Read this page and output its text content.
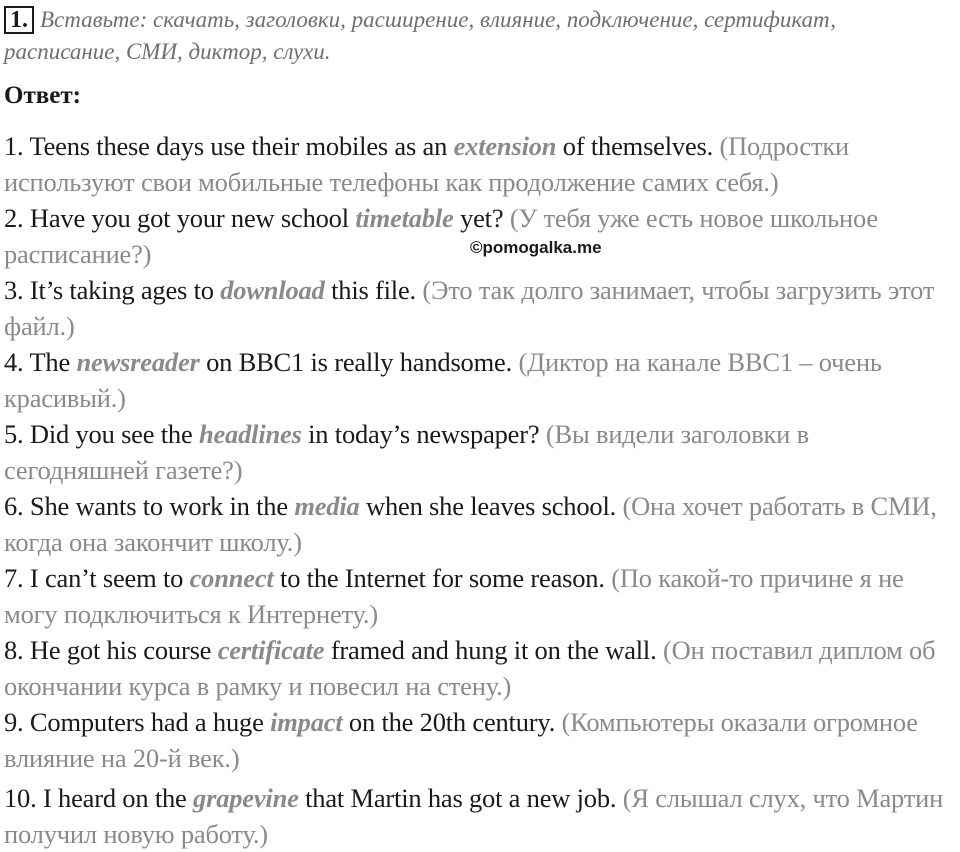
1. Вставьте: скачать, заголовки, расширение, влияние, подключение, сертификат, расписание, СМИ, диктор, слухи.
Ответ:
©pomogalka.me
1. Teens these days use their mobiles as an extension of themselves. (Подростки используют свои мобильные телефоны как продолжение самих себя.)
2. Have you got your new school timetable yet? (У тебя уже есть новое школьное расписание?)
3. It’s taking ages to download this file. (Это так долго занимает, чтобы загрузить этот файл.)
4. The newsreader on BBC1 is really handsome. (Диктор на канале BBC1 – очень красивый.)
5. Did you see the headlines in today’s newspaper? (Вы видели заголовки в сегодняшней газете?)
6. She wants to work in the media when she leaves school. (Она хочет работать в СМИ, когда она закончит школу.)
7. I can’t seem to connect to the Internet for some reason. (По какой-то причине я не могу подключиться к Интернету.)
8. He got his course certificate framed and hung it on the wall. (Он поставил диплом об окончании курса в рамку и повесил на стену.)
9. Computers had a huge impact on the 20th century. (Компьютеры оказали огромное влияние на 20-й век.)
10. I heard on the grapevine that Martin has got a new job. (Я слышал слух, что Мартин получил новую работу.)
